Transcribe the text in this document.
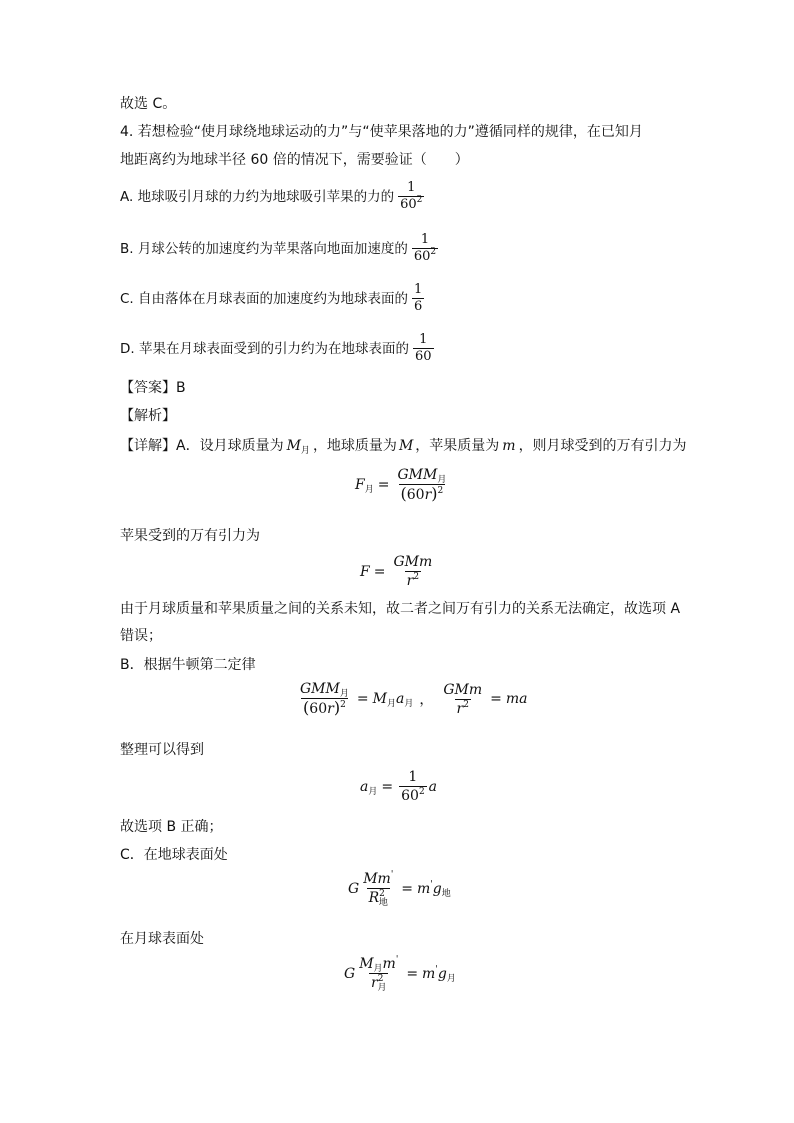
故选 C。
4. 若想检验“使月球绕地球运动的力”与“使苹果落地的力”遵循同样的规律，在已知月
地距离约为地球半径 60 倍的情况下，需要验证（　　）
A. 地球吸引月球的力约为地球吸引苹果的力的 $\frac{1}{60^2}$
B. 月球公转的加速度约为苹果落向地面加速度的 $\frac{1}{60^2}$
C. 自由落体在月球表面的加速度约为地球表面的 $\frac{1}{6}$
D. 苹果在月球表面受到的引力约为在地球表面的 $\frac{1}{60}$
【答案】B
【解析】
【详解】A．设月球质量为 $M_月$ ，地球质量为 M ，苹果质量为 m ，则月球受到的万有引力为
$F_月 = \frac{GMM_月}{(60r)^2}$
苹果受到的万有引力为
$F = \frac{\text{GMm}}{r^2}$
由于月球质量和苹果质量之间的关系未知，故二者之间万有引力的关系无法确定，故选项 A
错误；
B．根据牛顿第二定律
$\frac{GMM_月}{(60r)^2} = M_月a_月$ ， $\frac{\text{GMm}}{r^2}$ = ma
整理可以得到
$a_月 = \frac{1}{60^2}$ a
故选项 B 正确；
C．在地球表面处
G $\frac{Mm'}{R^2_地} = m'g_地$
在月球表面处
G $\frac{M_月m'}{r^2_月} = m'g_月$
